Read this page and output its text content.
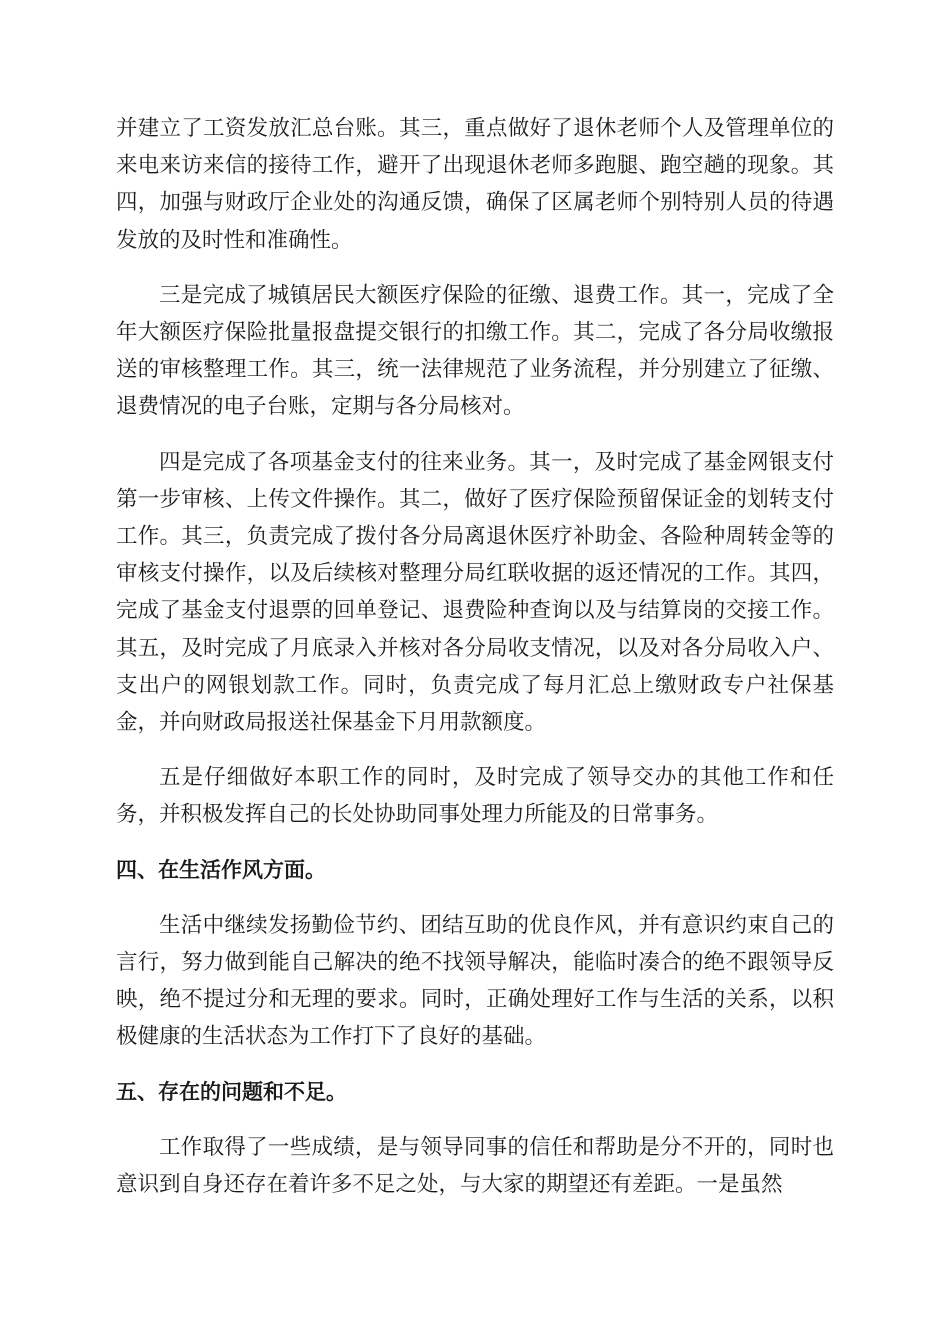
并建立了工资发放汇总台账。其三，重点做好了退休老师个人及管理单位的来电来访来信的接待工作，避开了出现退休老师多跑腿、跑空趟的现象。其四，加强与财政厅企业处的沟通反馈，确保了区属老师个别特别人员的待遇发放的及时性和准确性。

三是完成了城镇居民大额医疗保险的征缴、退费工作。其一，完成了全年大额医疗保险批量报盘提交银行的扣缴工作。其二，完成了各分局收缴报送的审核整理工作。其三，统一法律规范了业务流程，并分别建立了征缴、退费情况的电子台账，定期与各分局核对。

四是完成了各项基金支付的往来业务。其一，及时完成了基金网银支付第一步审核、上传文件操作。其二，做好了医疗保险预留保证金的划转支付工作。其三，负责完成了拨付各分局离退休医疗补助金、各险种周转金等的审核支付操作，以及后续核对整理分局红联收据的返还情况的工作。其四，完成了基金支付退票的回单登记、退费险种查询以及与结算岗的交接工作。其五，及时完成了月底录入并核对各分局收支情况，以及对各分局收入户、支出户的网银划款工作。同时，负责完成了每月汇总上缴财政专户社保基金，并向财政局报送社保基金下月用款额度。

五是仔细做好本职工作的同时，及时完成了领导交办的其他工作和任务，并积极发挥自己的长处协助同事处理力所能及的日常事务。

四、在生活作风方面。

生活中继续发扬勤俭节约、团结互助的优良作风，并有意识约束自己的言行，努力做到能自己解决的绝不找领导解决，能临时凑合的绝不跟领导反映，绝不提过分和无理的要求。同时，正确处理好工作与生活的关系，以积极健康的生活状态为工作打下了良好的基础。

五、存在的问题和不足。

工作取得了一些成绩，是与领导同事的信任和帮助是分不开的，同时也意识到自身还存在着许多不足之处，与大家的期望还有差距。一是虽然
